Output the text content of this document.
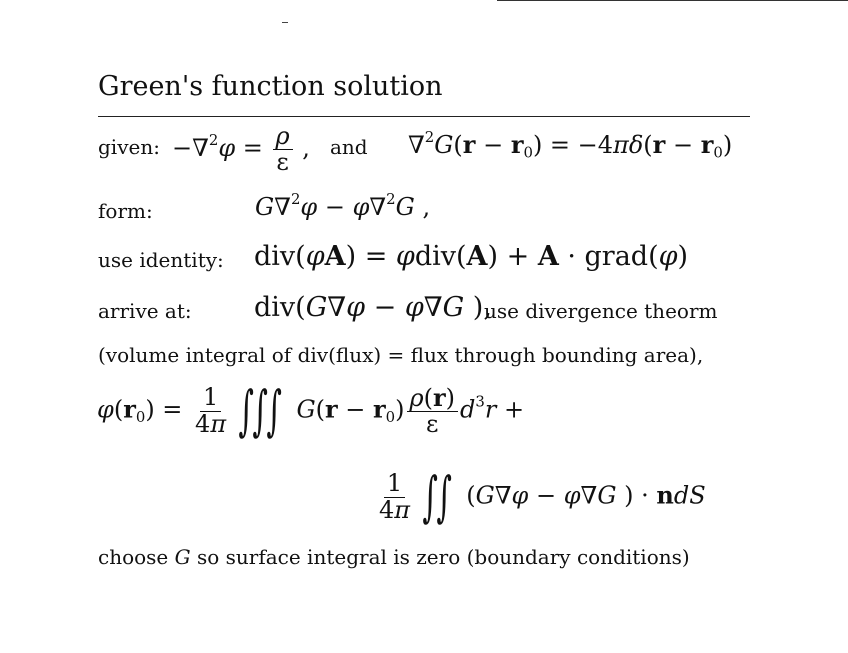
Green's function solution
given: $-\nabla^2\varphi = \frac{\rho}{\varepsilon}$ , and $\nabla^2G(r - r_0) = -4\pi\delta(r - r_0)$
form:	G∇$^2$φ − φ∇$^2$G ,
use identity: div(φA) = φdiv(A) + A · grad(φ)
arrive at: div(G∇φ − φ∇G ),
use divergence theorm
(volume integral of div(flux) = flux through bounding area),
$\varphi(r_0) = \frac{1}{4\pi}$ ∫∫∫ $G(r - r_0) \frac{\rho(r)}{\varepsilon} d^3r$ +
$\frac{1}{4\pi}$ ∫∫  (G∇φ − φ∇G ) · ndS
choose G so surface integral is zero (boundary conditions)
